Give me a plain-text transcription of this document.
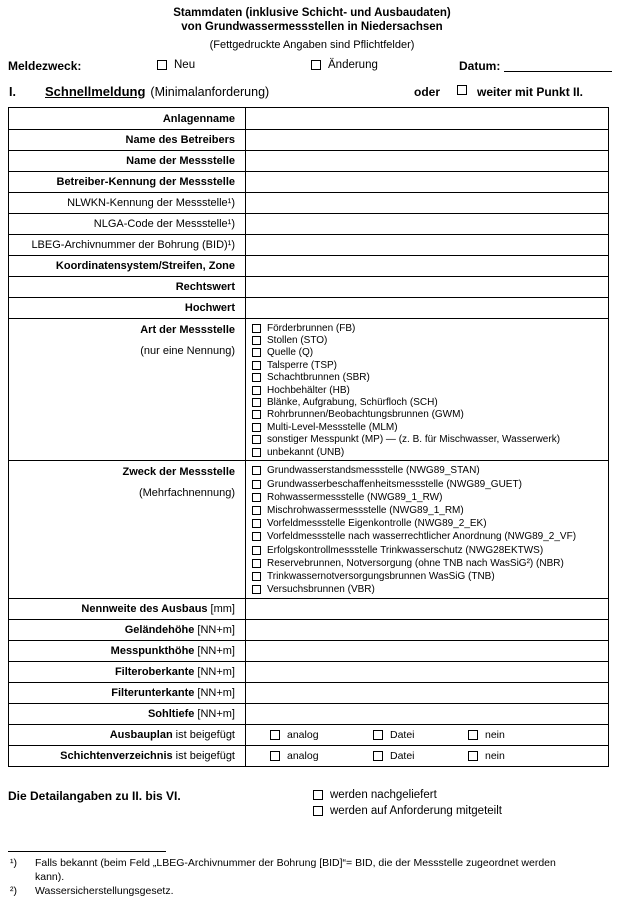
Stammdaten (inklusive Schicht- und Ausbaudaten)
von Grundwassermessstellen in Niedersachsen
(Fettgedruckte Angaben sind Pflichtfelder)
Meldezweck:	Neu	Änderung	Datum:
I. Schnellmeldung (Minimalanforderung)	oder	weiter mit Punkt II.
Anlagenname
Name des Betreibers
Name der Messstelle
Betreiber-Kennung der Messstelle
NLWKN-Kennung der Messstelle¹)
NLGA-Code der Messstelle¹)
LBEG-Archivnummer der Bohrung (BID)¹)
Koordinatensystem/Streifen, Zone
Rechtswert
Hochwert
Art der Messstelle
(nur eine Nennung)
Förderbrunnen (FB)
Stollen (STO)
Quelle (Q)
Talsperre (TSP)
Schachtbrunnen (SBR)
Hochbehälter (HB)
Blänke, Aufgrabung, Schürfloch (SCH)
Rohrbrunnen/Beobachtungsbrunnen (GWM)
Multi-Level-Messstelle (MLM)
sonstiger Messpunkt (MP) — (z. B. für Mischwasser, Wasserwerk)
unbekannt (UNB)
Zweck der Messstelle
(Mehrfachnennung)
Grundwasserstandsmessstelle (NWG89_STAN)
Grundwasserbeschaffenheitsmessstelle (NWG89_GUET)
Rohwassermessstelle (NWG89_1_RW)
Mischrohwassermessstelle (NWG89_1_RM)
Vorfeldmessstelle Eigenkontrolle (NWG89_2_EK)
Vorfeldmessstelle nach wasserrechtlicher Anordnung (NWG89_2_VF)
Erfolgskontrollmessstelle Trinkwasserschutz (NWG28EKTWS)
Reservebrunnen, Notversorgung (ohne TNB nach WasSiG²) (NBR)
Trinkwassernotversorgungsbrunnen WasSiG (TNB)
Versuchsbrunnen (VBR)
Nennweite des Ausbaus [mm]
Geländehöhe [NN+m]
Messpunkthöhe [NN+m]
Filteroberkante [NN+m]
Filterunterkante [NN+m]
Sohltiefe [NN+m]
Ausbauplan ist beigefügt	analog	Datei	nein
Schichtenverzeichnis ist beigefügt	analog	Datei	nein
Die Detailangaben zu II. bis VI.	werden nachgeliefert
werden auf Anforderung mitgeteilt
¹) Falls bekannt (beim Feld „LBEG-Archivnummer der Bohrung [BID]“= BID, die der Messstelle zugeordnet werden kann).
²) Wassersicherstellungsgesetz.
